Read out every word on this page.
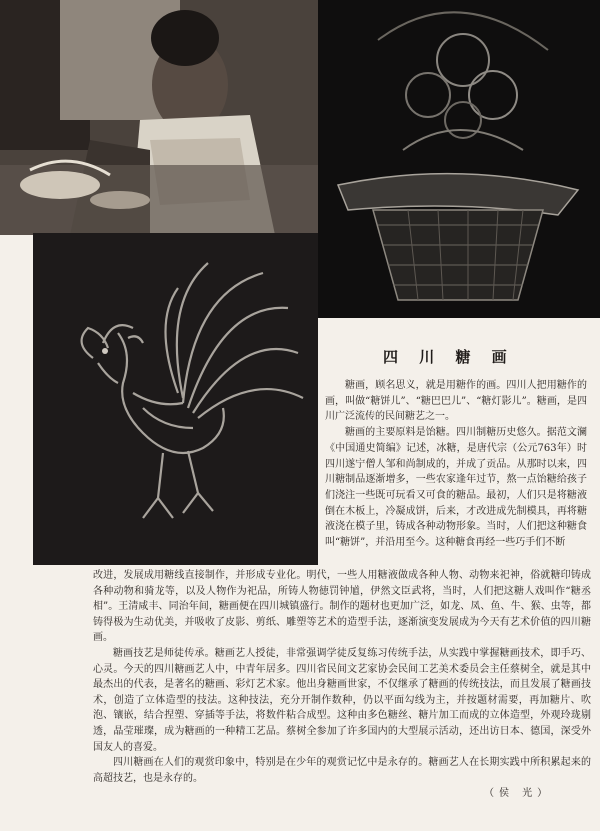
四 川 糖 画

糖画，顾名思义，就是用糖作的画。四川人把用糖作的画，叫做“糖饼儿”、“糖巴巴儿”、“糖灯影儿”。糖画，是四川广泛流传的民间糖艺之一。

糖画的主要原料是饴糖。四川制糖历史悠久。据范文澜《中国通史简编》记述，冰糖，是唐代宗（公元763年）时四川遂宁僧人邹和尚制成的，并成了贡品。从那时以来，四川糖制品逐渐增多，一些农家逢年过节，熬一点饴糖给孩子们浇注一些既可玩看又可食的糖品。最初，人们只是将糖液倒在木板上，冷凝成饼，后来，才改进成先制模具，再将糖液浇在模子里，铸成各种动物形象。当时，人们把这种糖食叫“糖饼”，并沿用至今。这种糖食再经一些巧手们不断

改进，发展成用糖线直接制作，并形成专业化。明代，一些人用糖液做成各种人物、动物来祀神，俗就糖印铸成各种动物和骑龙等，以及人物作为祀品，所铸人物徳罚钟馗，伊然文臣武将，当时，人们把这糖人戏叫作“糖丞相”。王清咸丰、同治年间，糖画便在四川城镇盛行。制作的题材也更加广泛，如龙、凤、鱼、牛、猴、虫等，都铸得极为生动优美，并吸收了皮影、剪纸、雕塑等艺术的造型手法，逐渐演变发展成为今天有艺术价值的四川糖画。

糖画技艺是师徒传承。糖画艺人授徒，非常强调学徒反复练习传统手法，从实践中掌握糖画技术，即手巧、心灵。今天的四川糖画艺人中，中青年居多。四川省民间文艺家协会民间工艺美术委员会主任蔡树全，就是其中最杰出的代表，是著名的糖画、彩灯艺术家。他出身糖画世家，不仅继承了糖画的传统技法，而且发展了糖画技术，创造了立体造型的技法。这种技法，充分开制作数种，仍以平面勾线为主，并按题材需要，再加糖片、吹泡、镶嵌，结合捏塑、穿插等手法，将数件粘合成型。这种由多色糖丝、糖片加工而成的立体造型，外观玲珑剔透，晶莹璀璨，成为糖画的一种精工艺品。蔡树全参加了许多国内的大型展示活动，还出访日本、德国，深受外国友人的喜爱。

四川糖画在人们的观赏印象中，特别是在少年的观赏记忆中是永存的。糖画艺人在长期实践中所积累起来的高超技艺，也是永存的。

（侯 光）
